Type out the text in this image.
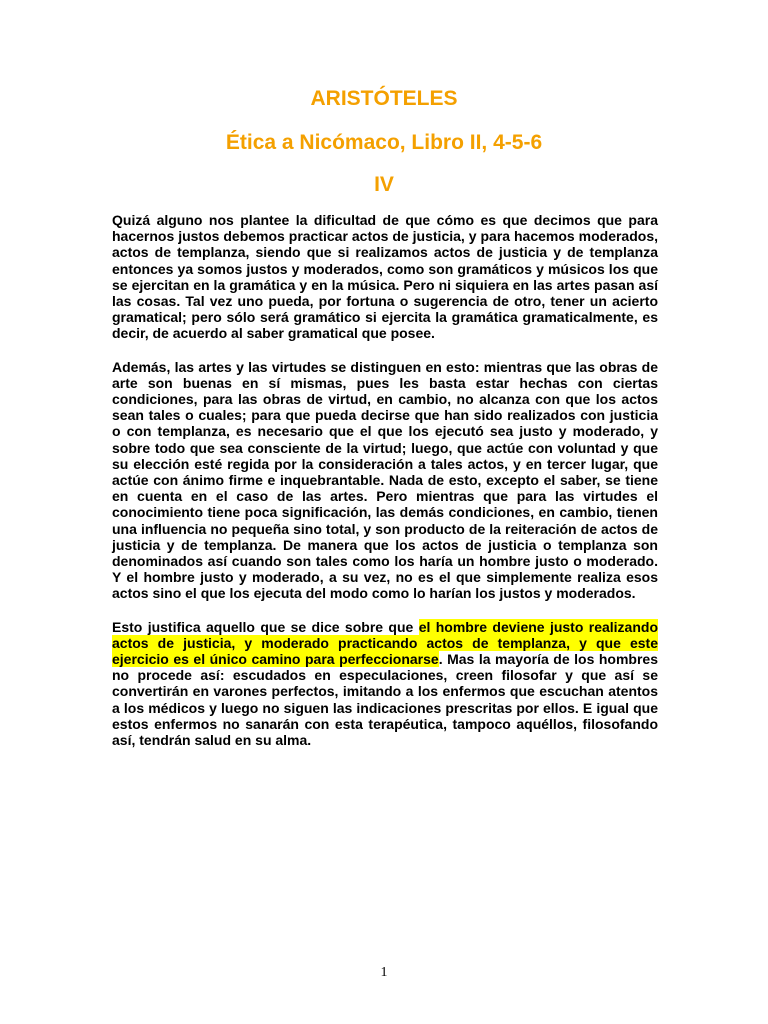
ARISTÓTELES
Ética a Nicómaco, Libro II, 4-5-6
IV

Quizá alguno nos plantee la dificultad de que cómo es que decimos que para hacernos justos debemos practicar actos de justicia, y para hacemos moderados, actos de templanza, siendo que si realizamos actos de justicia y de templanza entonces ya somos justos y moderados, como son gramáticos y músicos los que se ejercitan en la gramática y en la música. Pero ni siquiera en las artes pasan así las cosas. Tal vez uno pueda, por fortuna o sugerencia de otro, tener un acierto gramatical; pero sólo será gramático si ejercita la gramática gramaticalmente, es decir, de acuerdo al saber gramatical que posee.

Además, las artes y las virtudes se distinguen en esto: mientras que las obras de arte son buenas en sí mismas, pues les basta estar hechas con ciertas condiciones, para las obras de virtud, en cambio, no alcanza con que los actos sean tales o cuales; para que pueda decirse que han sido realizados con justicia o con templanza, es necesario que el que los ejecutó sea justo y moderado, y sobre todo que sea consciente de la virtud; luego, que actúe con voluntad y que su elección esté regida por la consideración a tales actos, y en tercer lugar, que actúe con ánimo firme e inquebrantable. Nada de esto, excepto el saber, se tiene en cuenta en el caso de las artes. Pero mientras que para las virtudes el conocimiento tiene poca significación, las demás condiciones, en cambio, tienen una influencia no pequeña sino total, y son producto de la reiteración de actos de justicia y de templanza. De manera que los actos de justicia o templanza son denominados así cuando son tales como los haría un hombre justo o moderado. Y el hombre justo y moderado, a su vez, no es el que simplemente realiza esos actos sino el que los ejecuta del modo como lo harían los justos y moderados.

Esto justifica aquello que se dice sobre que el hombre deviene justo realizando actos de justicia, y moderado practicando actos de templanza, y que este ejercicio es el único camino para perfeccionarse. Mas la mayoría de los hombres no procede así: escudados en especulaciones, creen filosofar y que así se convertirán en varones perfectos, imitando a los enfermos que escuchan atentos a los médicos y luego no siguen las indicaciones prescritas por ellos. E igual que estos enfermos no sanarán con esta terapéutica, tampoco aquéllos, filosofando así, tendrán salud en su alma.

1
